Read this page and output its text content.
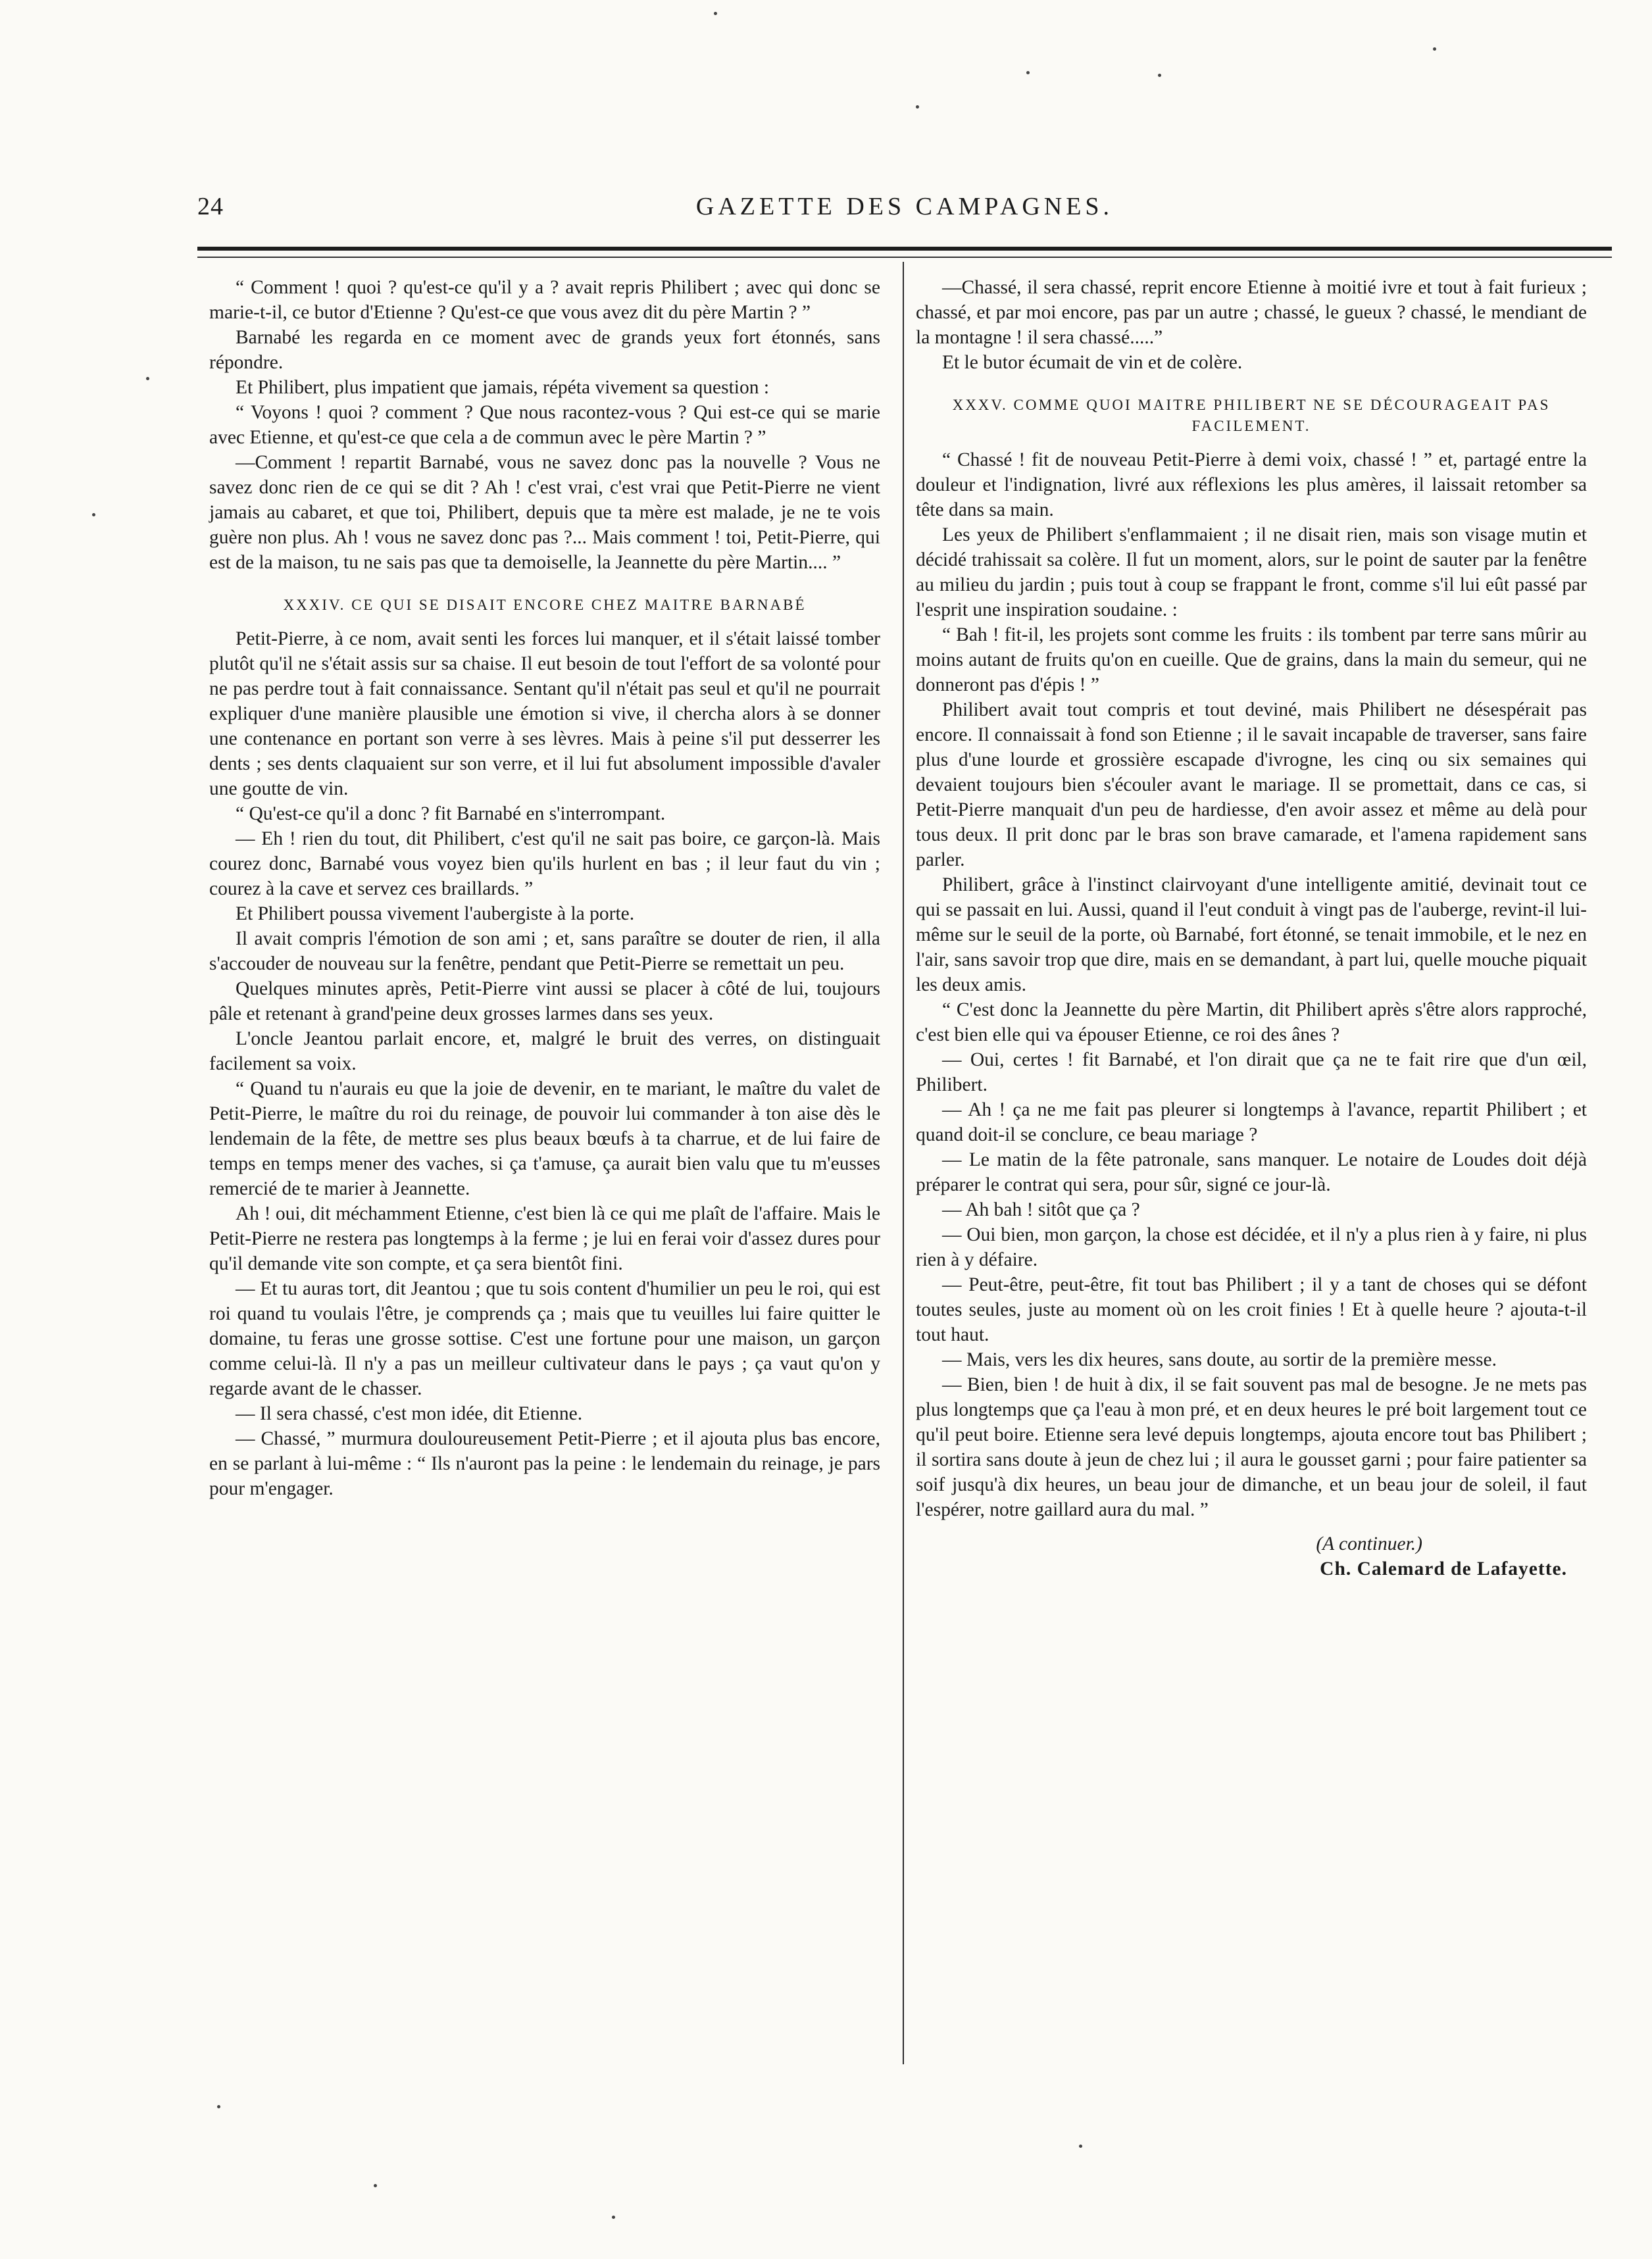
24	GAZETTE DES CAMPAGNES.

“ Comment ! quoi ? qu'est-ce qu'il y a ? avait repris Philibert ; avec qui donc se marie-t-il, ce butor d'Etienne ? Qu'est-ce que vous avez dit du père Martin ? ”

Barnabé les regarda en ce moment avec de grands yeux fort étonnés, sans répondre.

Et Philibert, plus impatient que jamais, répéta vivement sa question :

“ Voyons ! quoi ? comment ? Que nous racontez-vous ? Qui est-ce qui se marie avec Etienne, et qu'est-ce que cela a de commun avec le père Martin ? ”

—Comment ! repartit Barnabé, vous ne savez donc pas la nouvelle ? Vous ne savez donc rien de ce qui se dit ? Ah ! c'est vrai, c'est vrai que Petit-Pierre ne vient jamais au cabaret, et que toi, Philibert, depuis que ta mère est malade, je ne te vois guère non plus. Ah ! vous ne savez donc pas ?... Mais comment ! toi, Petit-Pierre, qui est de la maison, tu ne sais pas que ta demoiselle, la Jeannette du père Martin.... ”

XXXIV. CE QUI SE DISAIT ENCORE CHEZ MAITRE BARNABÉ

Petit-Pierre, à ce nom, avait senti les forces lui manquer, et il s'était laissé tomber plutôt qu'il ne s'était assis sur sa chaise. Il eut besoin de tout l'effort de sa volonté pour ne pas perdre tout à fait connaissance. Sentant qu'il n'était pas seul et qu'il ne pourrait expliquer d'une manière plausible une émotion si vive, il chercha alors à se donner une contenance en portant son verre à ses lèvres. Mais à peine s'il put desserrer les dents ; ses dents claquaient sur son verre, et il lui fut absolument impossible d'avaler une goutte de vin.

“ Qu'est-ce qu'il a donc ? fit Barnabé en s'interrompant.

— Eh ! rien du tout, dit Philibert, c'est qu'il ne sait pas boire, ce garçon-là. Mais courez donc, Barnabé vous voyez bien qu'ils hurlent en bas ; il leur faut du vin ; courez à la cave et servez ces braillards. ”

Et Philibert poussa vivement l'aubergiste à la porte.

Il avait compris l'émotion de son ami ; et, sans paraître se douter de rien, il alla s'accouder de nouveau sur la fenêtre, pendant que Petit-Pierre se remettait un peu.

Quelques minutes après, Petit-Pierre vint aussi se placer à côté de lui, toujours pâle et retenant à grand'peine deux grosses larmes dans ses yeux.

L'oncle Jeantou parlait encore, et, malgré le bruit des verres, on distinguait facilement sa voix.

“ Quand tu n'aurais eu que la joie de devenir, en te mariant, le maître du valet de Petit-Pierre, le maître du roi du reinage, de pouvoir lui commander à ton aise dès le lendemain de la fête, de mettre ses plus beaux bœufs à ta charrue, et de lui faire de temps en temps mener des vaches, si ça t'amuse, ça aurait bien valu que tu m'eusses remercié de te marier à Jeannette.

Ah ! oui, dit méchamment Etienne, c'est bien là ce qui me plaît de l'affaire. Mais le Petit-Pierre ne restera pas longtemps à la ferme ; je lui en ferai voir d'assez dures pour qu'il demande vite son compte, et ça sera bientôt fini.

— Et tu auras tort, dit Jeantou ; que tu sois content d'humilier un peu le roi, qui est roi quand tu voulais l'être, je comprends ça ; mais que tu veuilles lui faire quitter le domaine, tu feras une grosse sottise. C'est une fortune pour une maison, un garçon comme celui-là. Il n'y a pas un meilleur cultivateur dans le pays ; ça vaut qu'on y regarde avant de le chasser.

— Il sera chassé, c'est mon idée, dit Etienne.

— Chassé, ” murmura douloureusement Petit-Pierre ; et il ajouta plus bas encore, en se parlant à lui-même : “ Ils n'auront pas la peine : le lendemain du reinage, je pars pour m'engager.

—Chassé, il sera chassé, reprit encore Etienne à moitié ivre et tout à fait furieux ; chassé, et par moi encore, pas par un autre ; chassé, le gueux ? chassé, le mendiant de la montagne ! il sera chassé.....”

Et le butor écumait de vin et de colère.

XXXV. COMME QUOI MAITRE PHILIBERT NE SE DÉCOURAGEAIT PAS FACILEMENT.

“ Chassé ! fit de nouveau Petit-Pierre à demi voix, chassé ! ” et, partagé entre la douleur et l'indignation, livré aux réflexions les plus amères, il laissait retomber sa tête dans sa main.

Les yeux de Philibert s'enflammaient ; il ne disait rien, mais son visage mutin et décidé trahissait sa colère. Il fut un moment, alors, sur le point de sauter par la fenêtre au milieu du jardin ; puis tout à coup se frappant le front, comme s'il lui eût passé par l'esprit une inspiration soudaine. :

“ Bah ! fit-il, les projets sont comme les fruits : ils tombent par terre sans mûrir au moins autant de fruits qu'on en cueille. Que de grains, dans la main du semeur, qui ne donneront pas d'épis ! ”

Philibert avait tout compris et tout deviné, mais Philibert ne désespérait pas encore. Il connaissait à fond son Etienne ; il le savait incapable de traverser, sans faire plus d'une lourde et grossière escapade d'ivrogne, les cinq ou six semaines qui devaient toujours bien s'écouler avant le mariage. Il se promettait, dans ce cas, si Petit-Pierre manquait d'un peu de hardiesse, d'en avoir assez et même au delà pour tous deux. Il prit donc par le bras son brave camarade, et l'amena rapidement sans parler.

Philibert, grâce à l'instinct clairvoyant d'une intelligente amitié, devinait tout ce qui se passait en lui. Aussi, quand il l'eut conduit à vingt pas de l'auberge, revint-il lui-même sur le seuil de la porte, où Barnabé, fort étonné, se tenait immobile, et le nez en l'air, sans savoir trop que dire, mais en se demandant, à part lui, quelle mouche piquait les deux amis.

“ C'est donc la Jeannette du père Martin, dit Philibert après s'être alors rapproché, c'est bien elle qui va épouser Etienne, ce roi des ânes ?

— Oui, certes ! fit Barnabé, et l'on dirait que ça ne te fait rire que d'un œil, Philibert.

— Ah ! ça ne me fait pas pleurer si longtemps à l'avance, repartit Philibert ; et quand doit-il se conclure, ce beau mariage ?

— Le matin de la fête patronale, sans manquer. Le notaire de Loudes doit déjà préparer le contrat qui sera, pour sûr, signé ce jour-là.

— Ah bah ! sitôt que ça ?

— Oui bien, mon garçon, la chose est décidée, et il n'y a plus rien à y faire, ni plus rien à y défaire.

— Peut-être, peut-être, fit tout bas Philibert ; il y a tant de choses qui se défont toutes seules, juste au moment où on les croit finies ! Et à quelle heure ? ajouta-t-il tout haut.

— Mais, vers les dix heures, sans doute, au sortir de la première messe.

— Bien, bien ! de huit à dix, il se fait souvent pas mal de besogne. Je ne mets pas plus longtemps que ça l'eau à mon pré, et en deux heures le pré boit largement tout ce qu'il peut boire. Etienne sera levé depuis longtemps, ajouta encore tout bas Philibert ; il sortira sans doute à jeun de chez lui ; il aura le gousset garni ; pour faire patienter sa soif jusqu'à dix heures, un beau jour de dimanche, et un beau jour de soleil, il faut l'espérer, notre gaillard aura du mal. ”

(A continuer.)
Ch. Calemard de Lafayette.
